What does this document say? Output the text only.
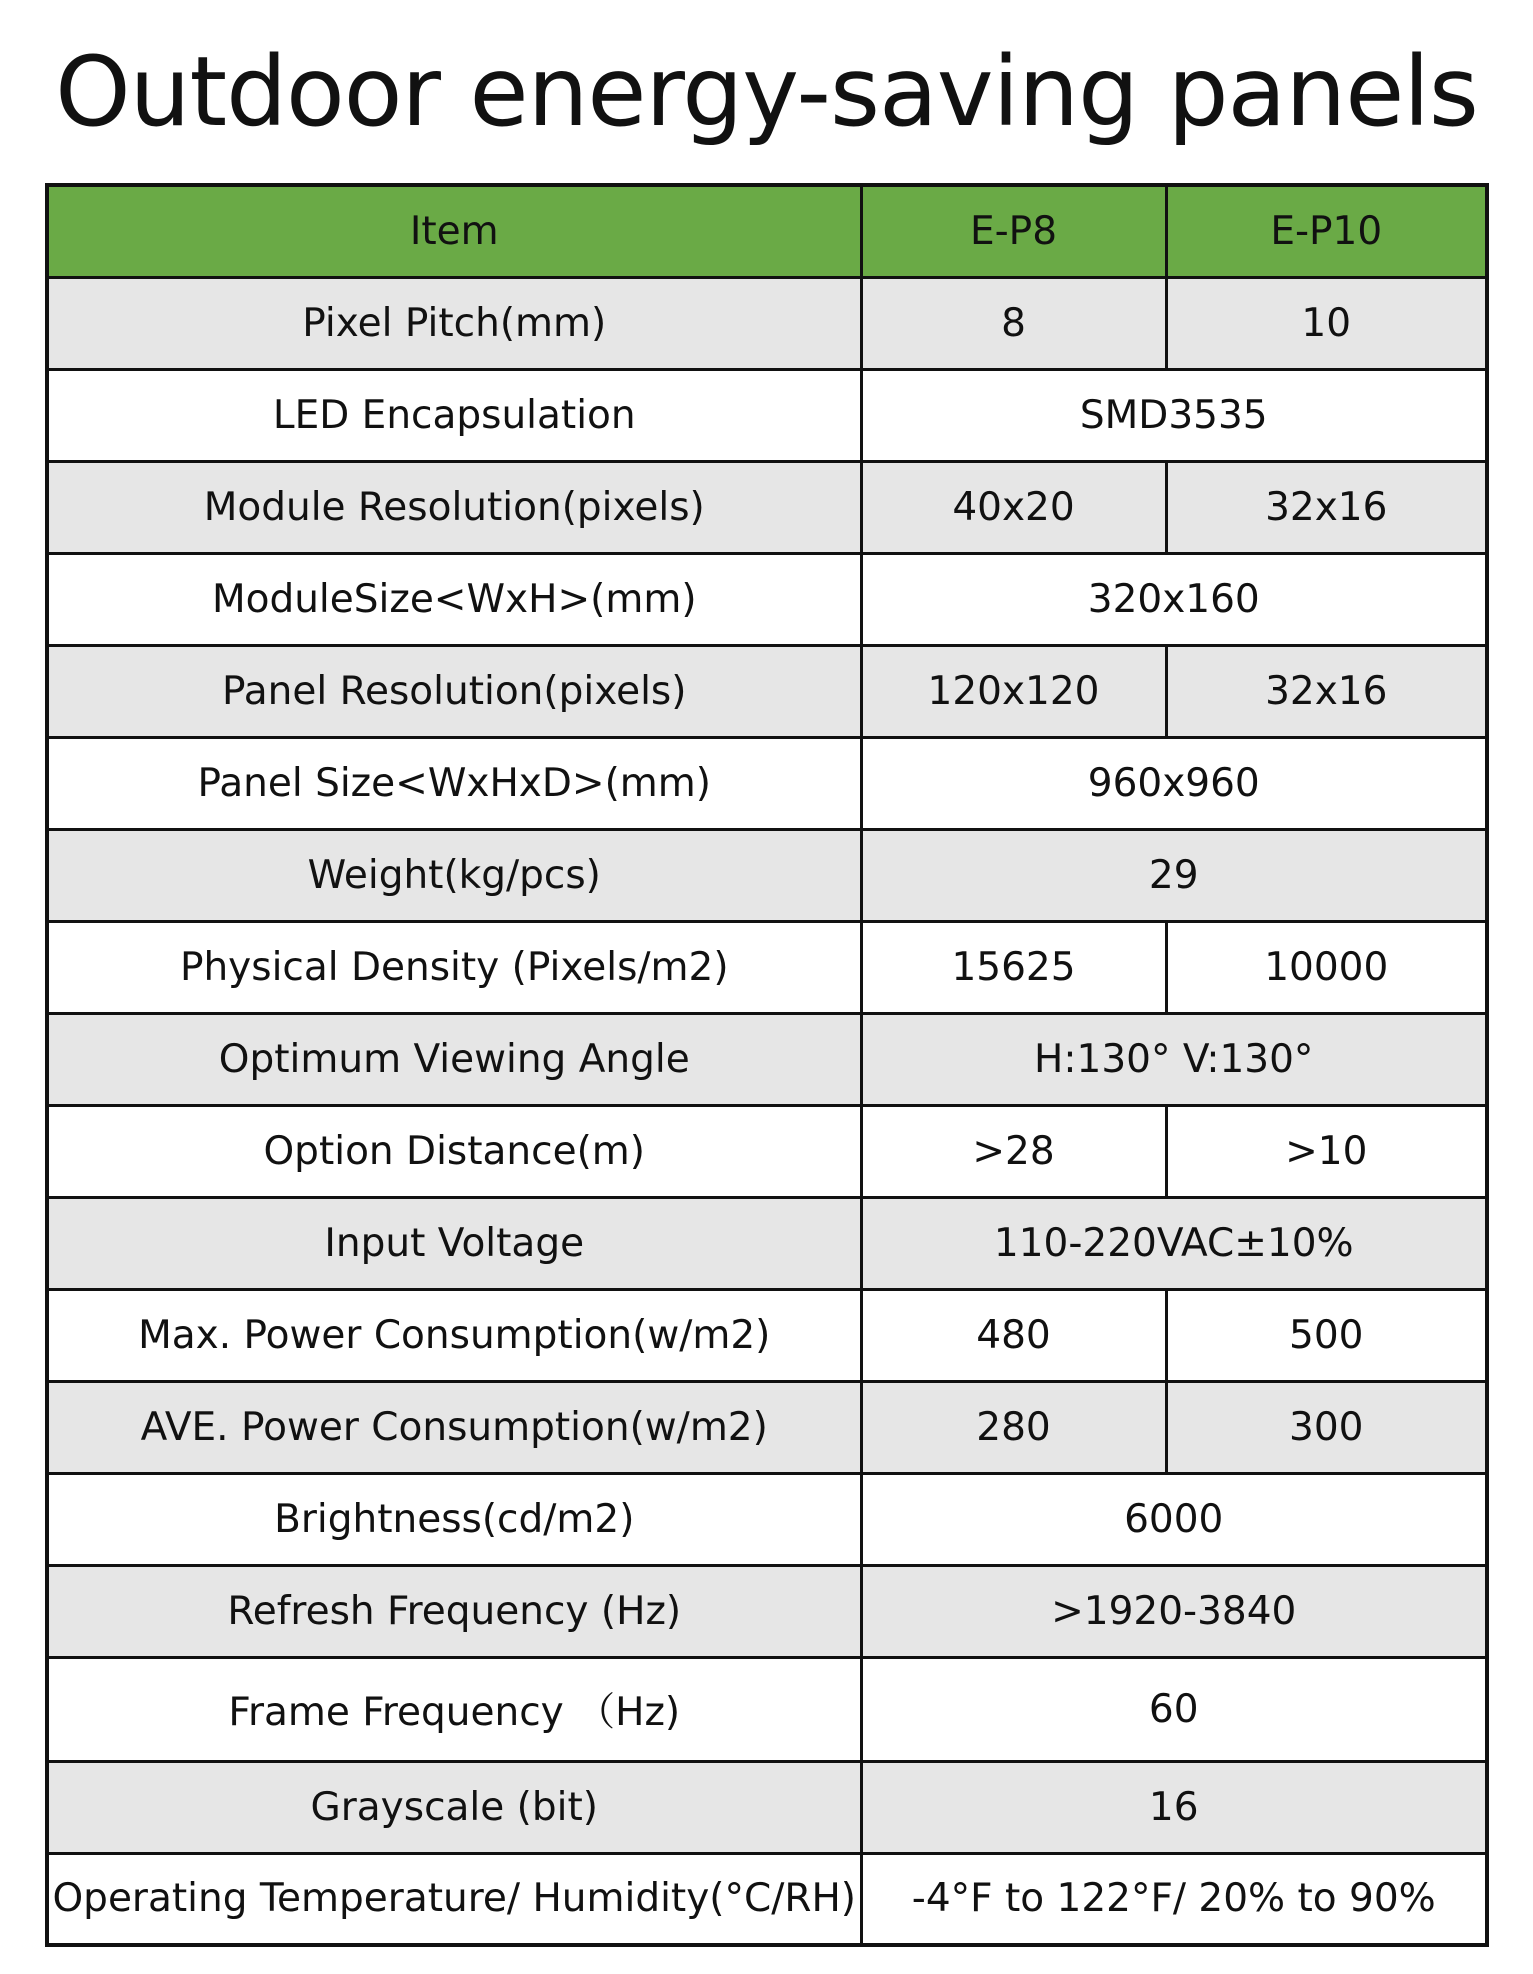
Outdoor energy-saving panels
Item	E-P8	E-P10
Pixel Pitch(mm)	8	10
LED Encapsulation	SMD3535	
Module Resolution(pixels)	40x20	32x16
ModuleSize<WxH>(mm)	320x160	
Panel Resolution(pixels)	120x120	32x16
Panel Size<WxHxD>(mm)	960x960	
Weight(kg/pcs)	29	
Physical Density (Pixels/m2)	15625	10000
Optimum Viewing Angle	H:130° V:130°	
Option Distance(m)	>28	>10
Input Voltage	110-220VAC±10%	
Max. Power Consumption(w/m2)	480	500
AVE. Power Consumption(w/m2)	280	300
Brightness(cd/m2)	6000	
Refresh Frequency (Hz)	>1920-3840	
Frame Frequency （Hz)	60	
Grayscale (bit)	16	
Operating Temperature/ Humidity(°C/RH)	-4°F to 122°F/ 20% to 90%	
